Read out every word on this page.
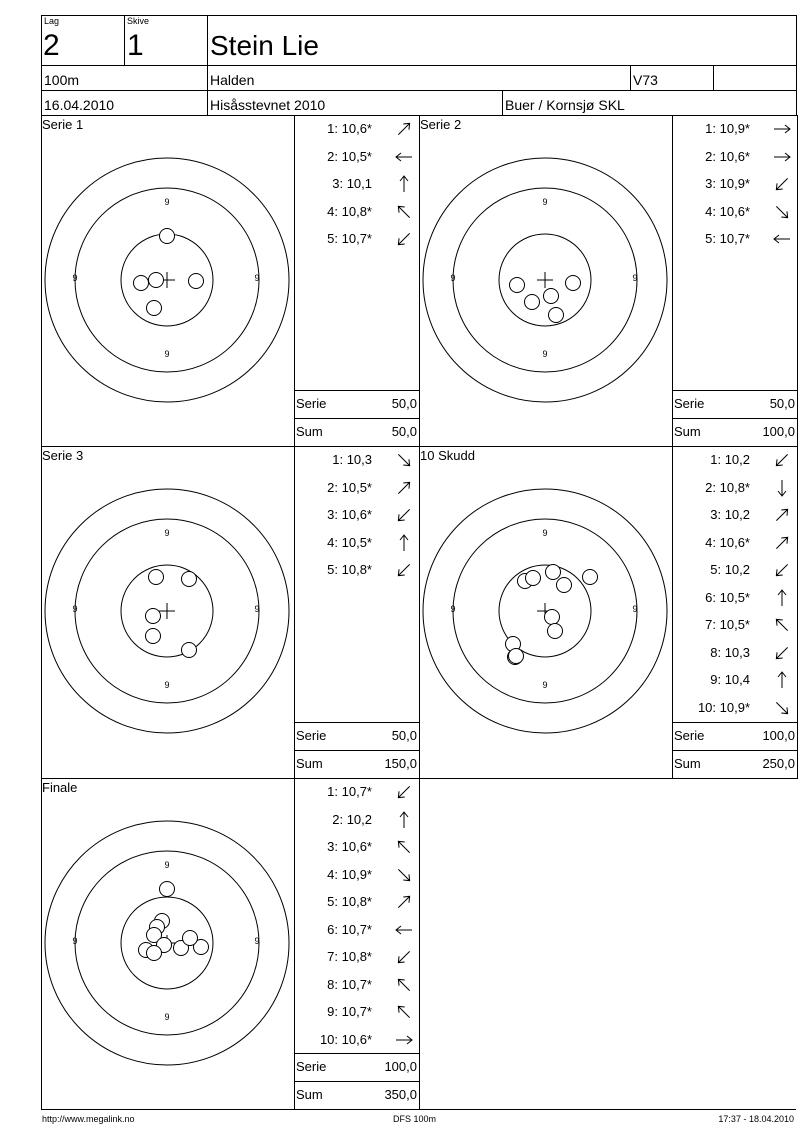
Lag
2
Skive
1 Stein Lie
100m	Halden	V73
16.04.2010	Hisåsstevnet 2010	Buer / Kornsjø SKL
Serie 1
9
9
9	9
1: 10,6*
2: 10,5*
3: 10,1
4: 10,8*
5: 10,7*
Serie	50,0
Sum	50,0
Serie 2
9
9
9	9
1: 10,9*
2: 10,6*
3: 10,9*
4: 10,6*
5: 10,7*
Serie	50,0
Sum	100,0
Serie 3
9
9
9	9
1: 10,3
2: 10,5*
3: 10,6*
4: 10,5*
5: 10,8*
Serie	50,0
Sum	150,0
10 Skudd
9
9
9	9
1: 10,2
2: 10,8*
3: 10,2
4: 10,6*
5: 10,2
6: 10,5*
7: 10,5*
8: 10,3
9: 10,4
10: 10,9*
Serie	100,0
Sum	250,0
Finale
9
9
9	9
1: 10,7*
2: 10,2
3: 10,6*
4: 10,9*
5: 10,8*
6: 10,7*
7: 10,8*
8: 10,7*
9: 10,7*
10: 10,6*
Serie	100,0
Sum	350,0
http://www.megalink.no	DFS 100m	17:37 - 18.04.2010
